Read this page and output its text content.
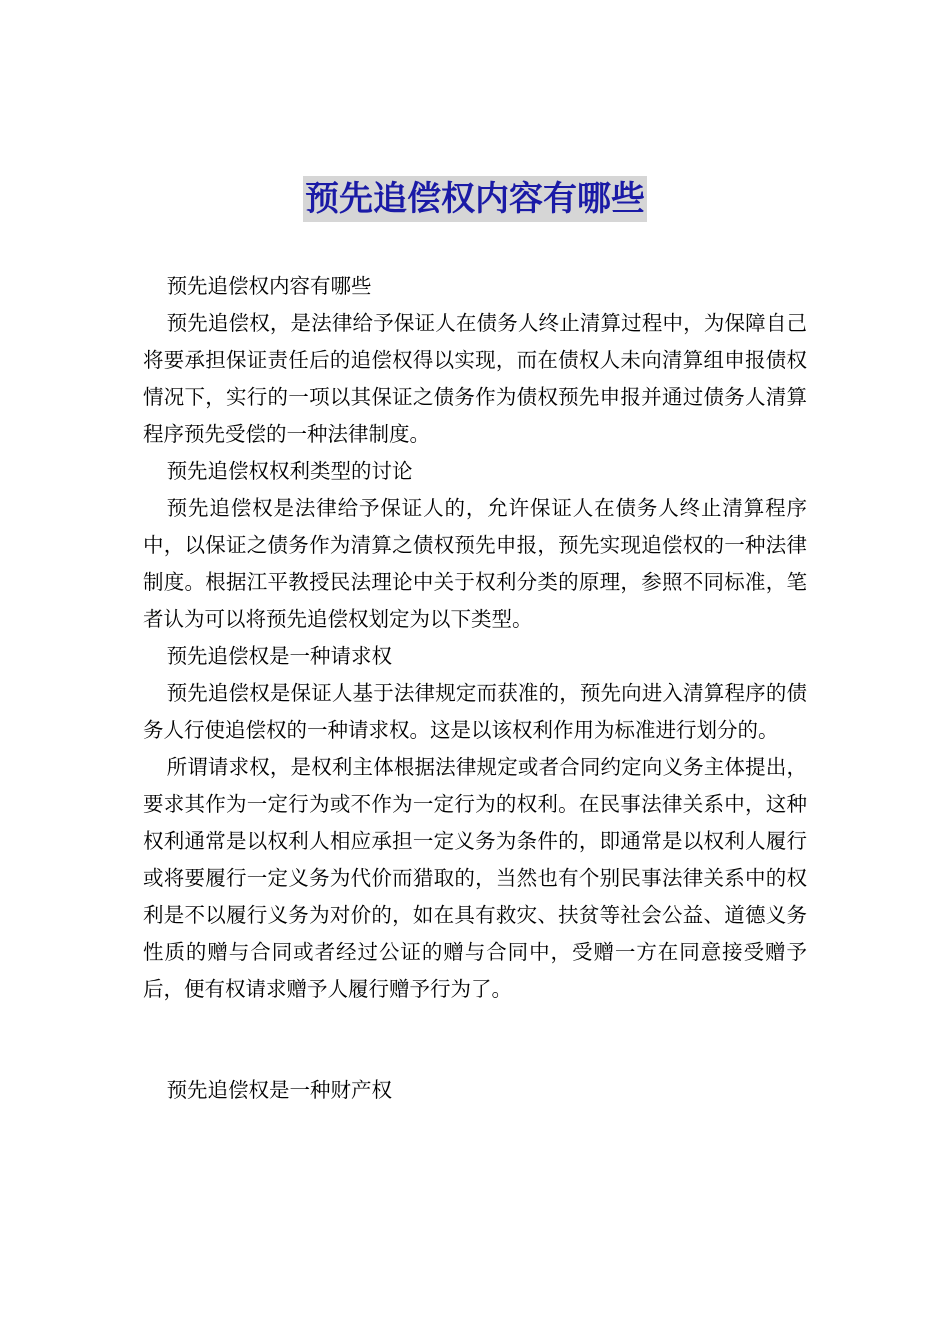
预先追偿权内容有哪些

预先追偿权内容有哪些

预先追偿权，是法律给予保证人在债务人终止清算过程中，为保障自己将要承担保证责任后的追偿权得以实现，而在债权人未向清算组申报债权情况下，实行的一项以其保证之债务作为债权预先申报并通过债务人清算程序预先受偿的一种法律制度。

预先追偿权权利类型的讨论

预先追偿权是法律给予保证人的，允许保证人在债务人终止清算程序中，以保证之债务作为清算之债权预先申报，预先实现追偿权的一种法律制度。根据江平教授民法理论中关于权利分类的原理，参照不同标准，笔者认为可以将预先追偿权划定为以下类型。

预先追偿权是一种请求权

预先追偿权是保证人基于法律规定而获准的，预先向进入清算程序的债务人行使追偿权的一种请求权。这是以该权利作用为标准进行划分的。

所谓请求权，是权利主体根据法律规定或者合同约定向义务主体提出，要求其作为一定行为或不作为一定行为的权利。在民事法律关系中，这种权利通常是以权利人相应承担一定义务为条件的，即通常是以权利人履行或将要履行一定义务为代价而猎取的，当然也有个别民事法律关系中的权利是不以履行义务为对价的，如在具有救灾、扶贫等社会公益、道德义务性质的赠与合同或者经过公证的赠与合同中，受赠一方在同意接受赠予后，便有权请求赠予人履行赠予行为了。

预先追偿权是一种财产权
